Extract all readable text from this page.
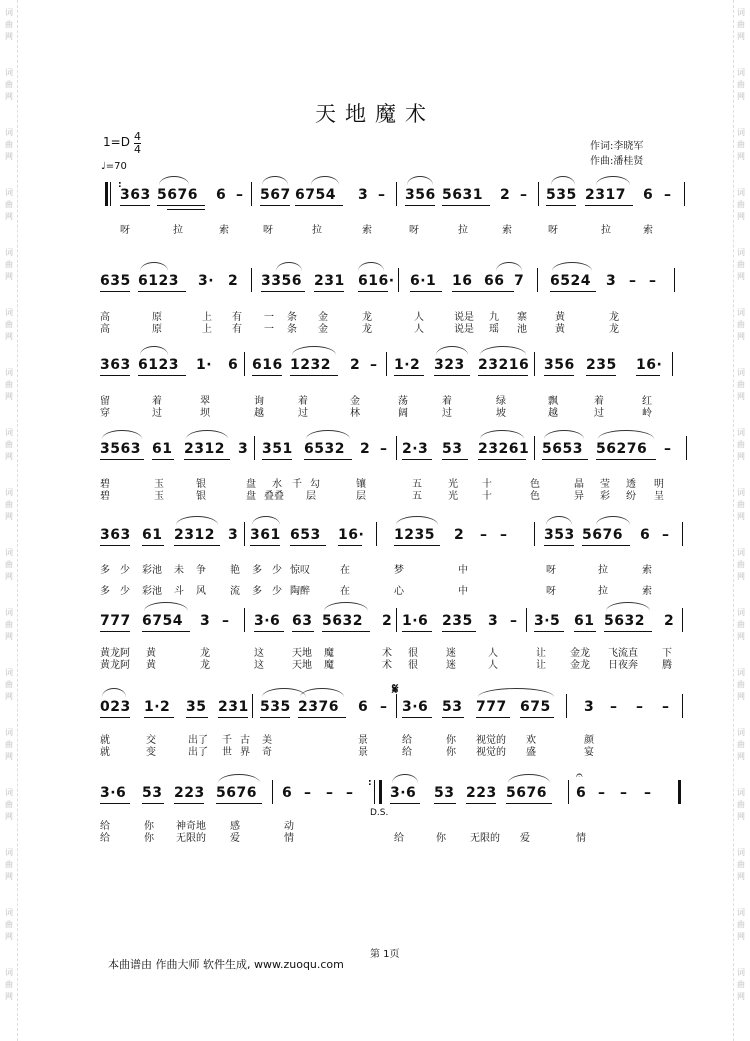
词
曲
网
词
曲
网
词
曲
网
词
曲
网
词
曲
网
词
曲
网
词
曲
网
词
曲
网
词
曲
网
词
曲
网
词
曲
网
词
曲
网
词
曲
网
词
曲
网
词
曲
网
词
曲
网
词
曲
网
词
曲
网
词
曲
网
词
曲
网
词
曲
网
词
曲
网
词
曲
网
词
曲
网
词
曲
网
词
曲
网
词
曲
网
词
曲
网
词
曲
网
词
曲
网
词
曲
网
词
曲
网
词
曲
网
词
曲
网
天地魔术
$1=D \frac{4}{4}$
♩=70
作词:李晓军
作曲:潘桂贤
:
363 5676 6 – 567 6754 3 – 356 5631 2 – 535 2317 6 –

呀

	拉

	索

	呀

	拉

	索

	呀

	拉

	索

	呀

	拉

	索

635 6123 3· 2 3356 231 616· 6·1 16 66 7 6524 3 – –

高

	原

	上

有

一

条

金

	龙

	人

	说是

九

寨

	黄

	龙

高

	原

	上

有

一

条

金

	龙

	人

	说是

瑶

池

	黄

	龙

363 6123 1· 6 616 1232 2 – 1·2 323 23216 356 235 16·

留

	着

	翠

	询

	着

	金

	荡

	着

	绿

	飘

	着

	红

穿

	过

	坝

	越

	过

	林

	阔

	过

	坡

	越

	过

	岭

3563 61 2312 3 351 6532 2 – 2·3 53 23261 5653 56276 –

碧

	玉

	银

	盘

水

千

勾

	镶

	五

	光

十

	色

	晶

莹

透

明

碧

	玉

	银

	盘

叠叠

层

	层

	五

	光

十

	色

	异

彩

纷

呈

363 61 2312 3 361 653 16· 1235 2 – –	353 5676 6 –

多

少

彩池

未

争

艳

多

少

惊叹

	在

	梦

	中

	呀

	拉

	索

多

少

彩池

斗

风

流

多

少

陶醉

	在

	心

	中

	呀

	拉

	索

777 6754 3 – 3·6 63 5632 2 1·6 235 3 – 3·5 61 5632 2

黄龙阿

黄

	龙

	这

	天地

魔

	术

很

	迷

	人

	让

金龙

飞流直

下

黄龙阿

黄

	龙

	这

	天地

魔

	术

很

	迷

	人

	让

金龙

日夜奔

腾

023 1·2 35 231 535 2376 6 – 3·6 53 777 675 3 – – –
𝄋

就

	交

	出了

千

古

美

	景

	给

	你

视觉的

欢

	颜

就

	变

	出了

世

界

奇

	景

	给

	你

视觉的

盛

	宴

3·6 53 223 5676 6 – – –
:
3·6 53 223 5676 6 – – –
𝄐
D.S.

给

	你

神奇地

感

	动

给

	你

无限的

爱

	情

	给

	你

无限的

爱

	情

第 1页
本曲谱由 作曲大师 软件生成, www.zuoqu.com
